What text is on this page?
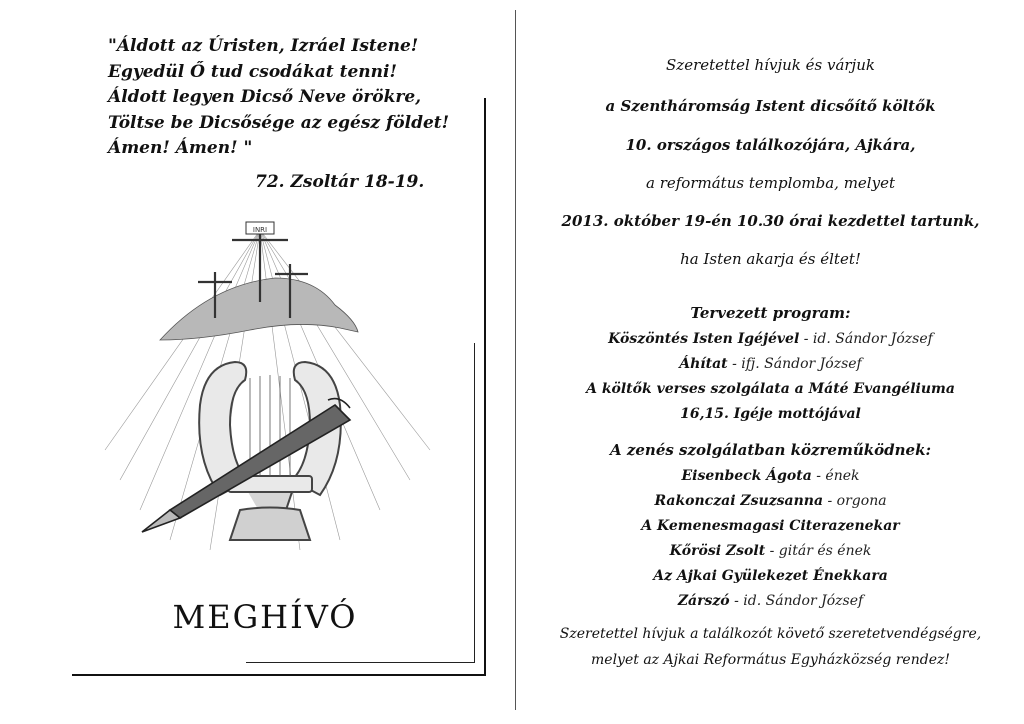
"Áldott az Úristen, Izráel Istene!
Egyedül Ő tud csodákat tenni!
Áldott legyen Dicső Neve örökre,
Töltse be Dicsősége az egész földet!
Ámen! Ámen! "
72. Zsoltár 18-19.
INRI
MEGHÍVÓ
Szeretettel hívjuk és várjuk
a Szentháromság Istent dicsőítő költők
10. országos találkozójára, Ajkára,
a református templomba, melyet
2013. október 19-én 10.30 órai kezdettel tartunk,
ha Isten akarja és éltet!
Tervezett program:
Köszöntés Isten Igéjével - id. Sándor József
Áhítat - ifj. Sándor József
A költők verses szolgálata a Máté Evangéliuma
16,15. Igéje mottójával
A zenés szolgálatban közreműködnek:
Eisenbeck Ágota - ének
Rakonczai Zsuzsanna - orgona
A Kemenesmagasi Citerazenekar
Kőrösi Zsolt - gitár és ének
Az Ajkai Gyülekezet Énekkara
Zárszó - id. Sándor József
Szeretettel hívjuk a találkozót követő szeretetvendégségre,
melyet az Ajkai Református Egyházközség rendez!
